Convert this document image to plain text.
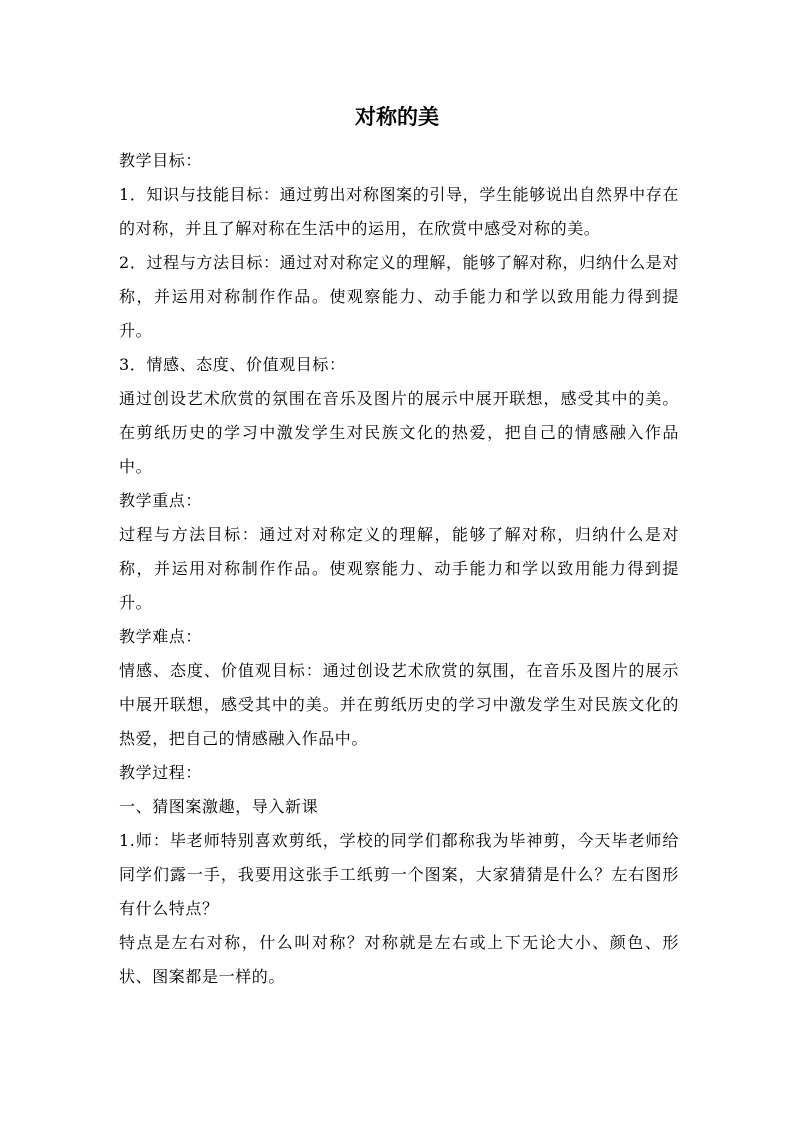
对称的美

教学目标：

1．知识与技能目标：通过剪出对称图案的引导，学生能够说出自然界中存在的对称，并且了解对称在生活中的运用，在欣赏中感受对称的美。

2．过程与方法目标：通过对对称定义的理解，能够了解对称，归纳什么是对称，并运用对称制作作品。使观察能力、动手能力和学以致用能力得到提升。

3．情感、态度、价值观目标：

通过创设艺术欣赏的氛围在音乐及图片的展示中展开联想，感受其中的美。在剪纸历史的学习中激发学生对民族文化的热爱，把自己的情感融入作品中。

教学重点：

过程与方法目标：通过对对称定义的理解，能够了解对称，归纳什么是对称，并运用对称制作作品。使观察能力、动手能力和学以致用能力得到提升。

教学难点：

情感、态度、价值观目标：通过创设艺术欣赏的氛围，在音乐及图片的展示中展开联想，感受其中的美。并在剪纸历史的学习中激发学生对民族文化的热爱，把自己的情感融入作品中。

教学过程：

一、猜图案激趣，导入新课

1.师：毕老师特别喜欢剪纸，学校的同学们都称我为毕神剪，今天毕老师给同学们露一手，我要用这张手工纸剪一个图案，大家猜猜是什么？左右图形有什么特点？

特点是左右对称，什么叫对称？对称就是左右或上下无论大小、颜色、形状、图案都是一样的。
